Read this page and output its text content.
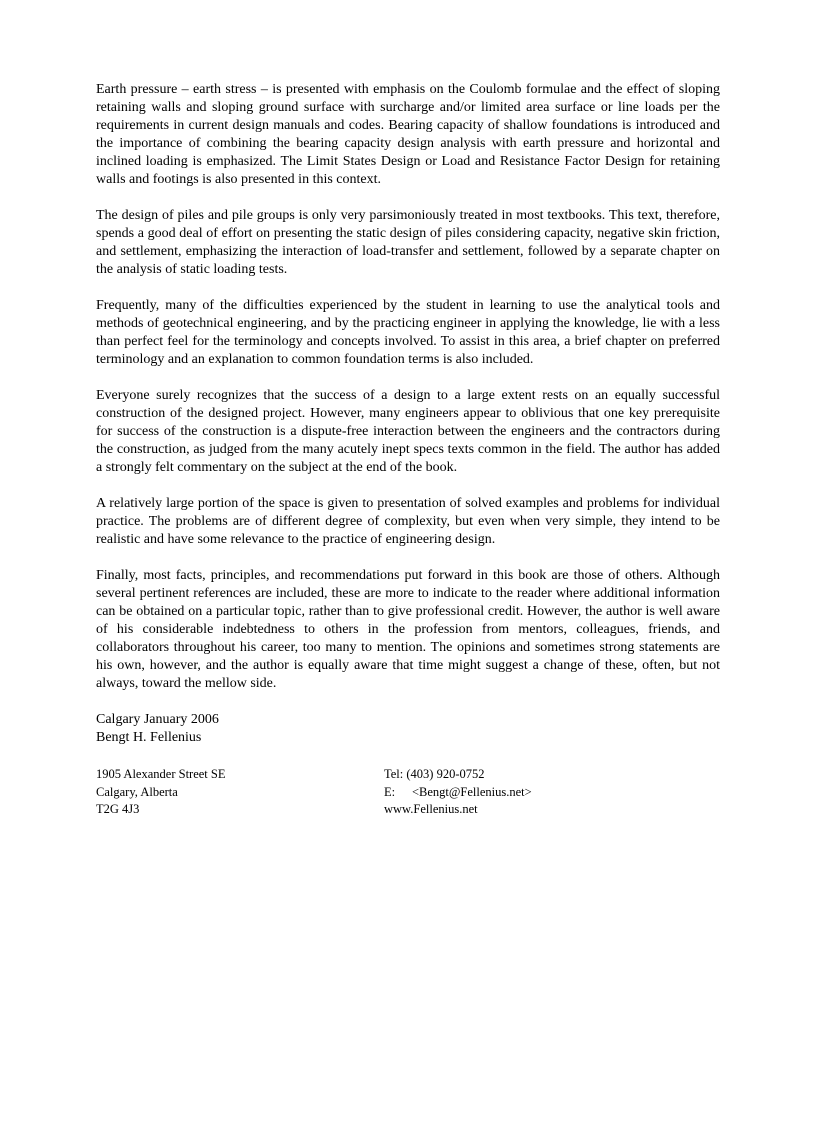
Earth pressure – earth stress – is presented with emphasis on the Coulomb formulae and the effect of sloping retaining walls and sloping ground surface with surcharge and/or limited area surface or line loads per the requirements in current design manuals and codes. Bearing capacity of shallow foundations is introduced and the importance of combining the bearing capacity design analysis with earth pressure and horizontal and inclined loading is emphasized. The Limit States Design or Load and Resistance Factor Design for retaining walls and footings is also presented in this context.

The design of piles and pile groups is only very parsimoniously treated in most textbooks. This text, therefore, spends a good deal of effort on presenting the static design of piles considering capacity, negative skin friction, and settlement, emphasizing the interaction of load-transfer and settlement, followed by a separate chapter on the analysis of static loading tests.

Frequently, many of the difficulties experienced by the student in learning to use the analytical tools and methods of geotechnical engineering, and by the practicing engineer in applying the knowledge, lie with a less than perfect feel for the terminology and concepts involved. To assist in this area, a brief chapter on preferred terminology and an explanation to common foundation terms is also included.

Everyone surely recognizes that the success of a design to a large extent rests on an equally successful construction of the designed project. However, many engineers appear to oblivious that one key prerequisite for success of the construction is a dispute-free interaction between the engineers and the contractors during the construction, as judged from the many acutely inept specs texts common in the field. The author has added a strongly felt commentary on the subject at the end of the book.

A relatively large portion of the space is given to presentation of solved examples and problems for individual practice. The problems are of different degree of complexity, but even when very simple, they intend to be realistic and have some relevance to the practice of engineering design.

Finally, most facts, principles, and recommendations put forward in this book are those of others. Although several pertinent references are included, these are more to indicate to the reader where additional information can be obtained on a particular topic, rather than to give professional credit. However, the author is well aware of his considerable indebtedness to others in the profession from mentors, colleagues, friends, and collaborators throughout his career, too many to mention. The opinions and sometimes strong statements are his own, however, and the author is equally aware that time might suggest a change of these, often, but not always, toward the mellow side.

Calgary January 2006
Bengt H. Fellenius
1905 Alexander Street SE
Calgary, Alberta
T2G 4J3
Tel: (403) 920-0752
E: <Bengt@Fellenius.net>
www.Fellenius.net
